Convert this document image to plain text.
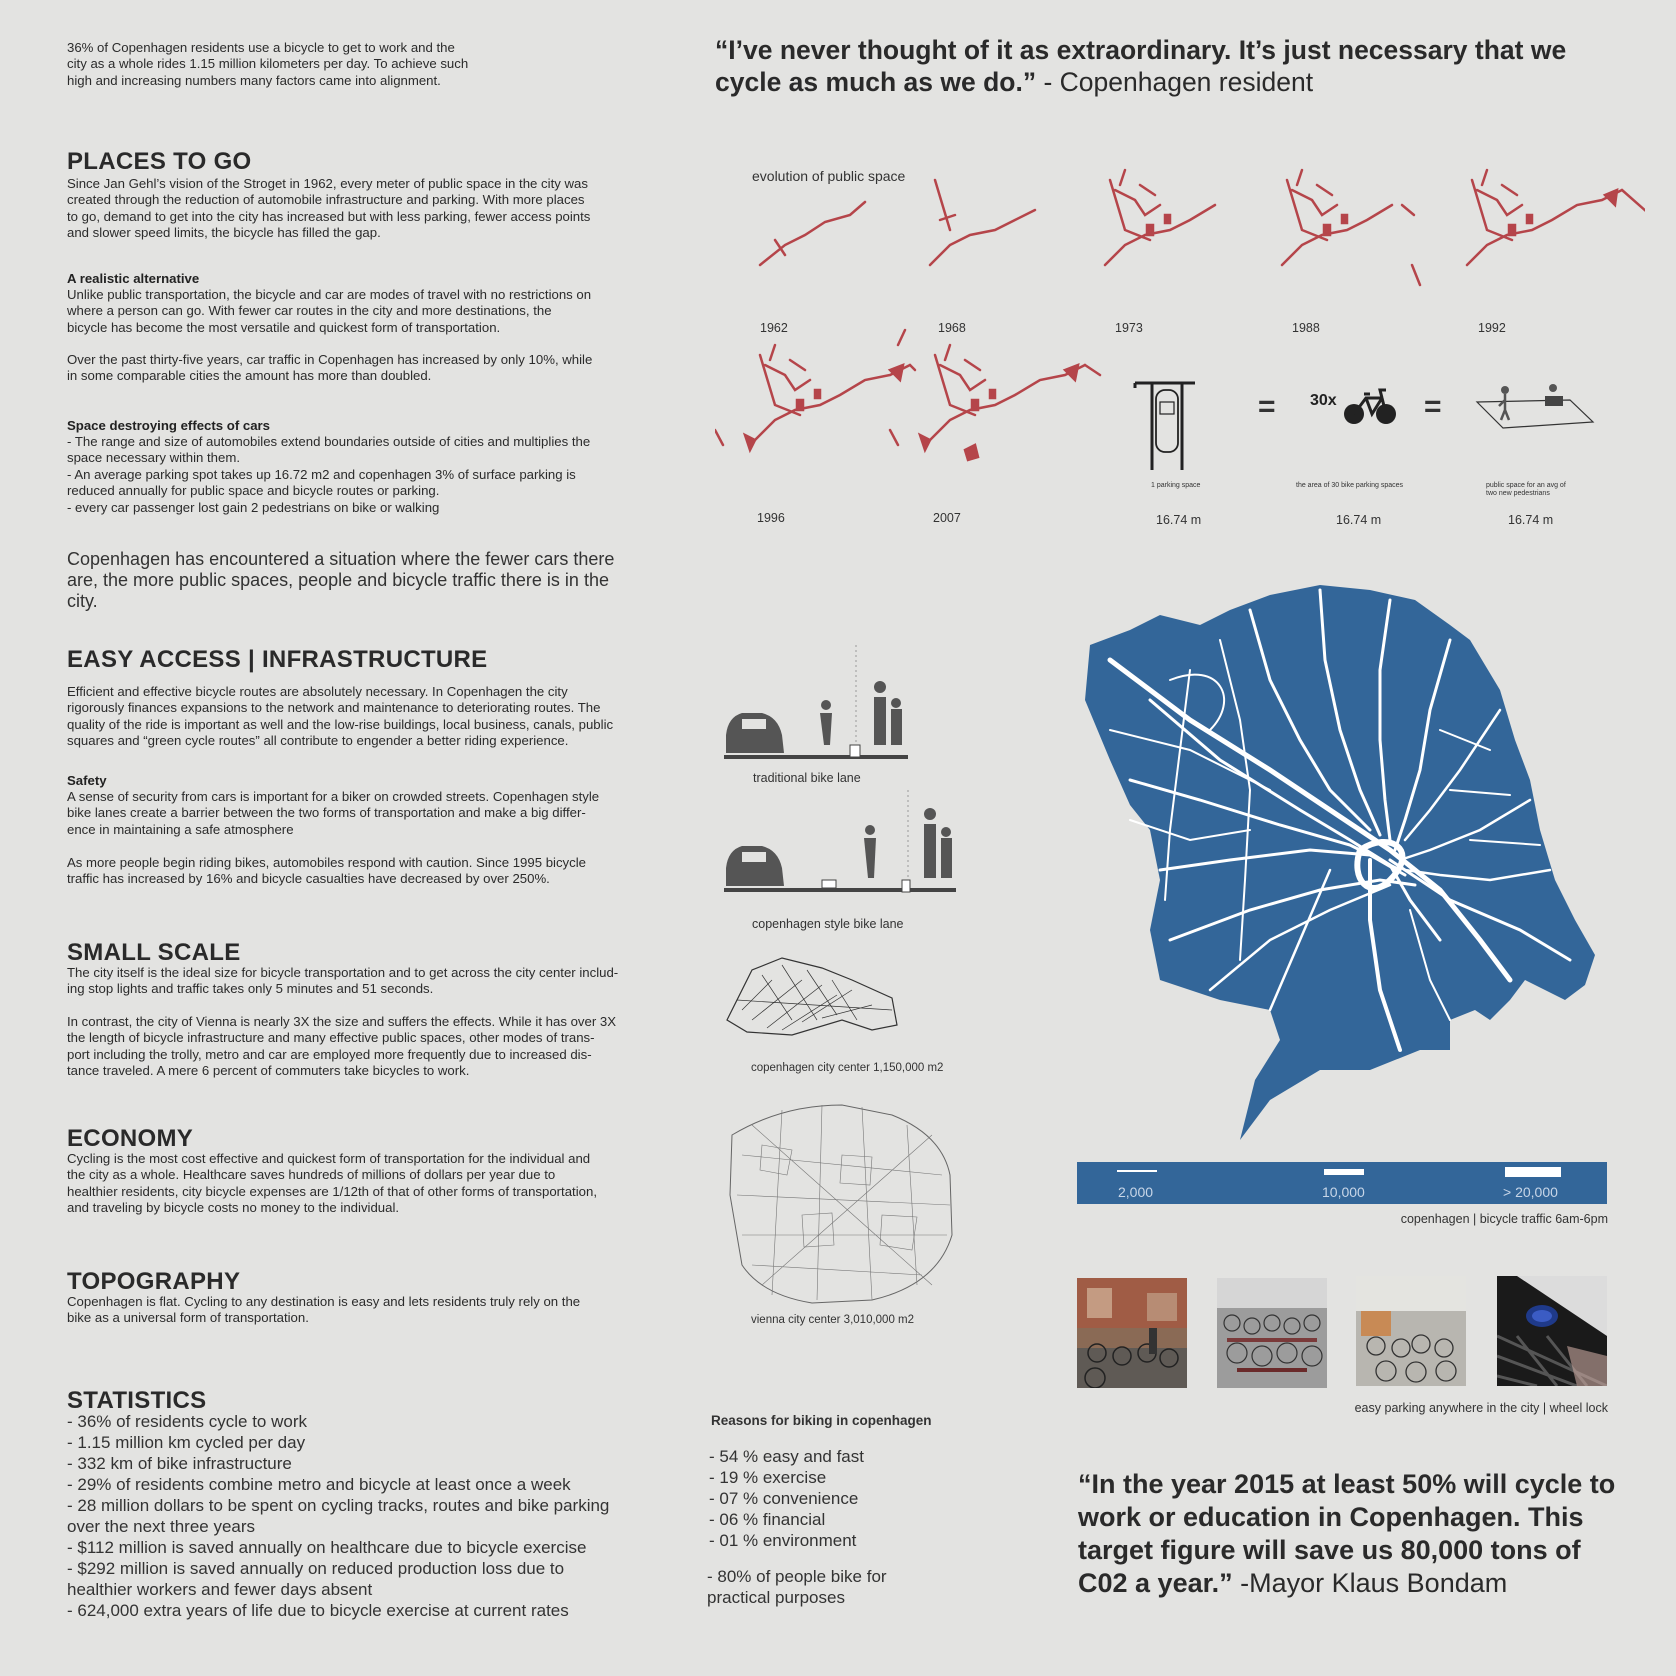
36% of Copenhagen residents use a bicycle to get to work and the
city as a whole rides 1.15 million kilometers per day. To achieve such
high and increasing numbers many factors came into alignment.

PLACES TO GO

Since Jan Gehl’s vision of the Stroget in 1962, every meter of public space in the city was
created through the reduction of automobile infrastructure and parking. With more places
to go, demand to get into the city has increased but with less parking, fewer access points
and slower speed limits, the bicycle has filled the gap.

A realistic alternative

Unlike public transportation, the bicycle and car are modes of travel with no restrictions on
where a person can go. With fewer car routes in the city and more destinations, the
bicycle has become the most versatile and quickest form of transportation.

Over the past thirty-five years, car traffic in Copenhagen has increased by only 10%, while
in some comparable cities the amount has more than doubled.

Space destroying effects of cars

- The range and size of automobiles extend boundaries outside of cities and multiplies the
space necessary within them.
- An average parking spot takes up 16.72 m2 and copenhagen 3% of surface parking is
reduced annually for public space and bicycle routes or parking.
- every car passenger lost gain 2 pedestrians on bike or walking

Copenhagen has encountered a situation where the fewer cars there
are, the more public spaces, people and bicycle traffic there is in the
city.

EASY ACCESS | INFRASTRUCTURE

Efficient and effective bicycle routes are absolutely necessary. In Copenhagen the city
rigorously finances expansions to the network and maintenance to deteriorating routes. The
quality of the ride is important as well and the low-rise buildings, local business, canals, public
squares and “green cycle routes” all contribute to engender a better riding experience.

Safety

A sense of security from cars is important for a biker on crowded streets. Copenhagen style
bike lanes create a barrier between the two forms of transportation and make a big differ-
ence in maintaining a safe atmosphere

As more people begin riding bikes, automobiles respond with caution. Since 1995 bicycle
traffic has increased by 16% and bicycle casualties have decreased by over 250%.

SMALL SCALE

The city itself is the ideal size for bicycle transportation and to get across the city center includ-
ing stop lights and traffic takes only 5 minutes and 51 seconds.

In contrast, the city of Vienna is nearly 3X the size and suffers the effects. While it has over 3X
the length of bicycle infrastructure and many effective public spaces, other modes of trans-
port including the trolly, metro and car are employed more frequently due to increased dis-
tance traveled. A mere 6 percent of commuters take bicycles to work.

ECONOMY

Cycling is the most cost effective and quickest form of transportation for the individual and
the city as a whole. Healthcare saves hundreds of millions of dollars per year due to
healthier residents, city bicycle expenses are 1/12th of that of other forms of transportation,
and traveling by bicycle costs no money to the individual.

TOPOGRAPHY

Copenhagen is flat. Cycling to any destination is easy and lets residents truly rely on the
bike as a universal form of transportation.

STATISTICS

- 36% of residents cycle to work
- 1.15 million km cycled per day
- 332 km of bike infrastructure
- 29% of residents combine metro and bicycle at least once a week
- 28 million dollars to be spent on cycling tracks, routes and bike parking
over the next three years
- $112 million is saved annually on healthcare due to bicycle exercise
- $292 million is saved annually on reduced production loss due to
healthier workers and fewer days absent
- 624,000 extra years of life due to bicycle exercise at current rates

“I’ve never thought of it as extraordinary. It’s just necessary that we cycle as much as we do.” - Copenhagen resident
evolution of public space
1962	1968	1973	1988	1992
1996	2007
= 30x	=
1 parking space	the area of 30 bike parking spaces	public space for an avg of
two new pedestrians
16.74 m	16.74 m	16.74 m
traditional bike lane
copenhagen style bike lane
copenhagen city center 1,150,000 m2
vienna city center 3,010,000 m2
2,000	10,000	> 20,000
copenhagen | bicycle traffic 6am-6pm
easy parking anywhere in the city | wheel lock
Reasons for biking in copenhagen

- 54 % easy and fast
- 19 % exercise
- 07 % convenience
- 06 % financial
- 01 % environment

- 80% of people bike for
practical purposes

“In the year 2015 at least 50% will cycle to work or education in Copenhagen. This target figure will save us 80,000 tons of C02 a year.” -Mayor Klaus Bondam
